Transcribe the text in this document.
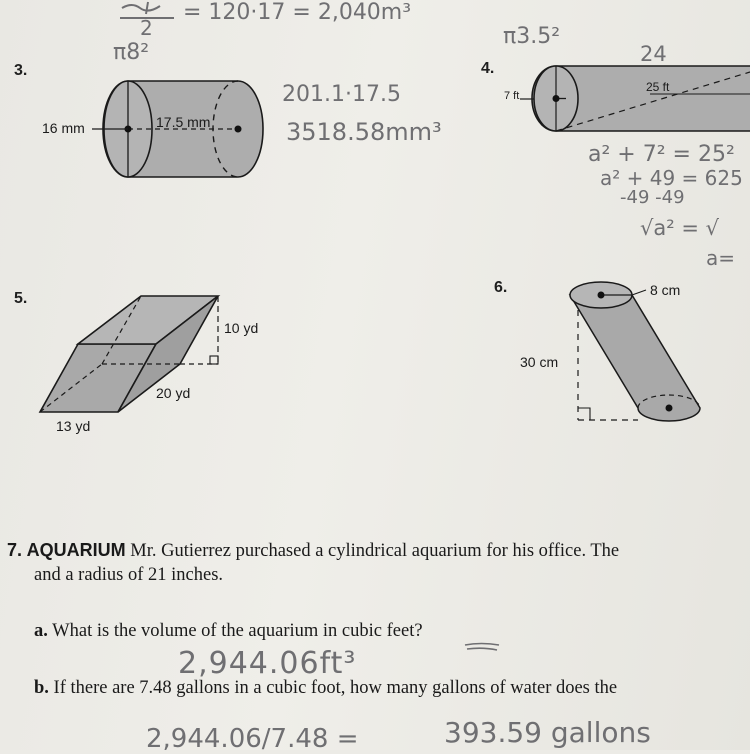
2
= 120·17 = 2,040m³
3.
π8²
16 mm	17.5 mm
201.1·17.5
3518.58mm³
4.
π3.5²
24
7 ft
25 ft
a² + 7² = 25²
a² + 49 = 625
-49 -49
√a² = √
a=
5.
10 yd
20 yd
13 yd
6.	8 cm
30 cm
7. AQUARIUM Mr. Gutierrez purchased a cylindrical aquarium for his office. The
and a radius of 21 inches.
a. What is the volume of the aquarium in cubic feet?
2,944.06ft³
b. If there are 7.48 gallons in a cubic foot, how many gallons of water does the
2,944.06/7.48 =	393.59 gallons
